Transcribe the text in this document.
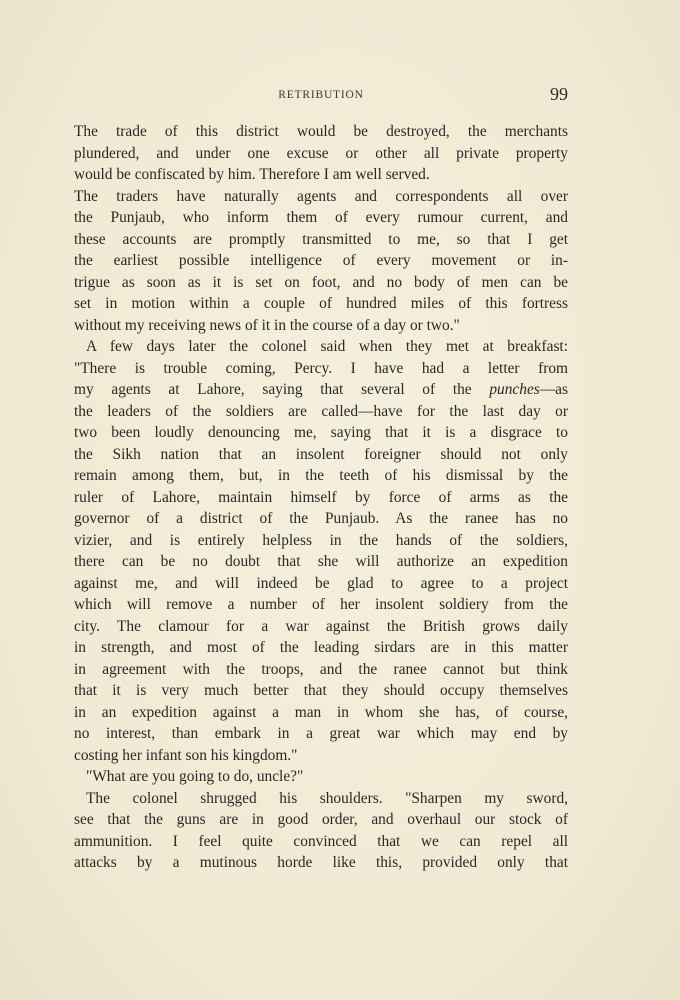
RETRIBUTION	99
The trade of this district would be destroyed, the merchants
plundered, and under one excuse or other all private property
would be confiscated by him. Therefore I am well served.
The traders have naturally agents and correspondents all over
the Punjaub, who inform them of every rumour current, and
these accounts are promptly transmitted to me, so that I get
the earliest possible intelligence of every movement or in-
trigue as soon as it is set on foot, and no body of men can be
set in motion within a couple of hundred miles of this fortress
without my receiving news of it in the course of a day or two."
A few days later the colonel said when they met at breakfast:
"There is trouble coming, Percy. I have had a letter from
my agents at Lahore, saying that several of the punches—as
the leaders of the soldiers are called—have for the last day or
two been loudly denouncing me, saying that it is a disgrace to
the Sikh nation that an insolent foreigner should not only
remain among them, but, in the teeth of his dismissal by the
ruler of Lahore, maintain himself by force of arms as the
governor of a district of the Punjaub. As the ranee has no
vizier, and is entirely helpless in the hands of the soldiers,
there can be no doubt that she will authorize an expedition
against me, and will indeed be glad to agree to a project
which will remove a number of her insolent soldiery from the
city. The clamour for a war against the British grows daily
in strength, and most of the leading sirdars are in this matter
in agreement with the troops, and the ranee cannot but think
that it is very much better that they should occupy themselves
in an expedition against a man in whom she has, of course,
no interest, than embark in a great war which may end by
costing her infant son his kingdom."
"What are you going to do, uncle?"
The colonel shrugged his shoulders. "Sharpen my sword,
see that the guns are in good order, and overhaul our stock of
ammunition. I feel quite convinced that we can repel all
attacks by a mutinous horde like this, provided only that
